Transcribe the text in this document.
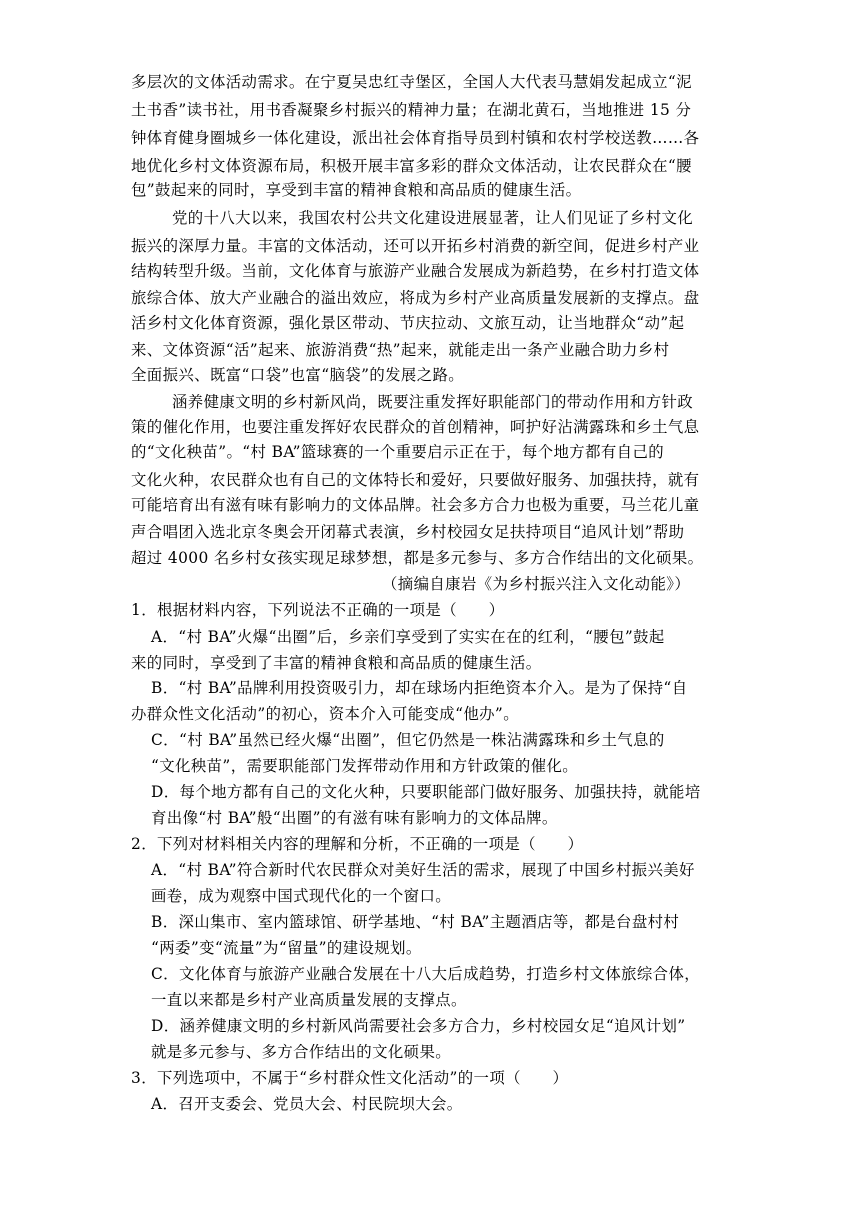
多层次的文体活动需求。在宁夏吴忠红寺堡区，全国人大代表马慧娟发起成立“泥
土书香”读书社，用书香凝聚乡村振兴的精神力量；在湖北黄石，当地推进 15 分
钟体育健身圈城乡一体化建设，派出社会体育指导员到村镇和农村学校送教……各
地优化乡村文体资源布局，积极开展丰富多彩的群众文体活动，让农民群众在“腰
包”鼓起来的同时，享受到丰富的精神食粮和高品质的健康生活。
党的十八大以来，我国农村公共文化建设进展显著，让人们见证了乡村文化
振兴的深厚力量。丰富的文体活动，还可以开拓乡村消费的新空间，促进乡村产业
结构转型升级。当前，文化体育与旅游产业融合发展成为新趋势，在乡村打造文体
旅综合体、放大产业融合的溢出效应，将成为乡村产业高质量发展新的支撑点。盘
活乡村文化体育资源，强化景区带动、节庆拉动、文旅互动，让当地群众“动”起
来、文体资源“活”起来、旅游消费“热”起来，就能走出一条产业融合助力乡村
全面振兴、既富“口袋”也富“脑袋”的发展之路。
涵养健康文明的乡村新风尚，既要注重发挥好职能部门的带动作用和方针政
策的催化作用，也要注重发挥好农民群众的首创精神，呵护好沾满露珠和乡土气息
的“文化秧苗”。“村 BA”篮球赛的一个重要启示正在于，每个地方都有自己的
文化火种，农民群众也有自己的文体特长和爱好，只要做好服务、加强扶持，就有
可能培育出有滋有味有影响力的文体品牌。社会多方合力也极为重要，马兰花儿童
声合唱团入选北京冬奥会开闭幕式表演，乡村校园女足扶持项目“追风计划”帮助
超过 4000 名乡村女孩实现足球梦想，都是多元参与、多方合作结出的文化硕果。
（摘编自康岩《为乡村振兴注入文化动能》）
1．根据材料内容，下列说法不正确的一项是（　　）
A．“村 BA”火爆“出圈”后，乡亲们享受到了实实在在的红利，“腰包”鼓起
来的同时，享受到了丰富的精神食粮和高品质的健康生活。
B．“村 BA”品牌利用投资吸引力，却在球场内拒绝资本介入。是为了保持“自
办群众性文化活动”的初心，资本介入可能变成“他办”。
C．“村 BA”虽然已经火爆“出圈”，但它仍然是一株沾满露珠和乡土气息的
“文化秧苗”，需要职能部门发挥带动作用和方针政策的催化。
D．每个地方都有自己的文化火种，只要职能部门做好服务、加强扶持，就能培
育出像“村 BA”般“出圈”的有滋有味有影响力的文体品牌。
2．下列对材料相关内容的理解和分析，不正确的一项是（　　）
A．“村 BA”符合新时代农民群众对美好生活的需求，展现了中国乡村振兴美好
画卷，成为观察中国式现代化的一个窗口。
B．深山集市、室内篮球馆、研学基地、“村 BA”主题酒店等，都是台盘村村
“两委”变“流量”为“留量”的建设规划。
C．文化体育与旅游产业融合发展在十八大后成趋势，打造乡村文体旅综合体，
一直以来都是乡村产业高质量发展的支撑点。
D．涵养健康文明的乡村新风尚需要社会多方合力，乡村校园女足“追风计划”
就是多元参与、多方合作结出的文化硕果。
3．下列选项中，不属于“乡村群众性文化活动”的一项（　　）
A．召开支委会、党员大会、村民院坝大会。
